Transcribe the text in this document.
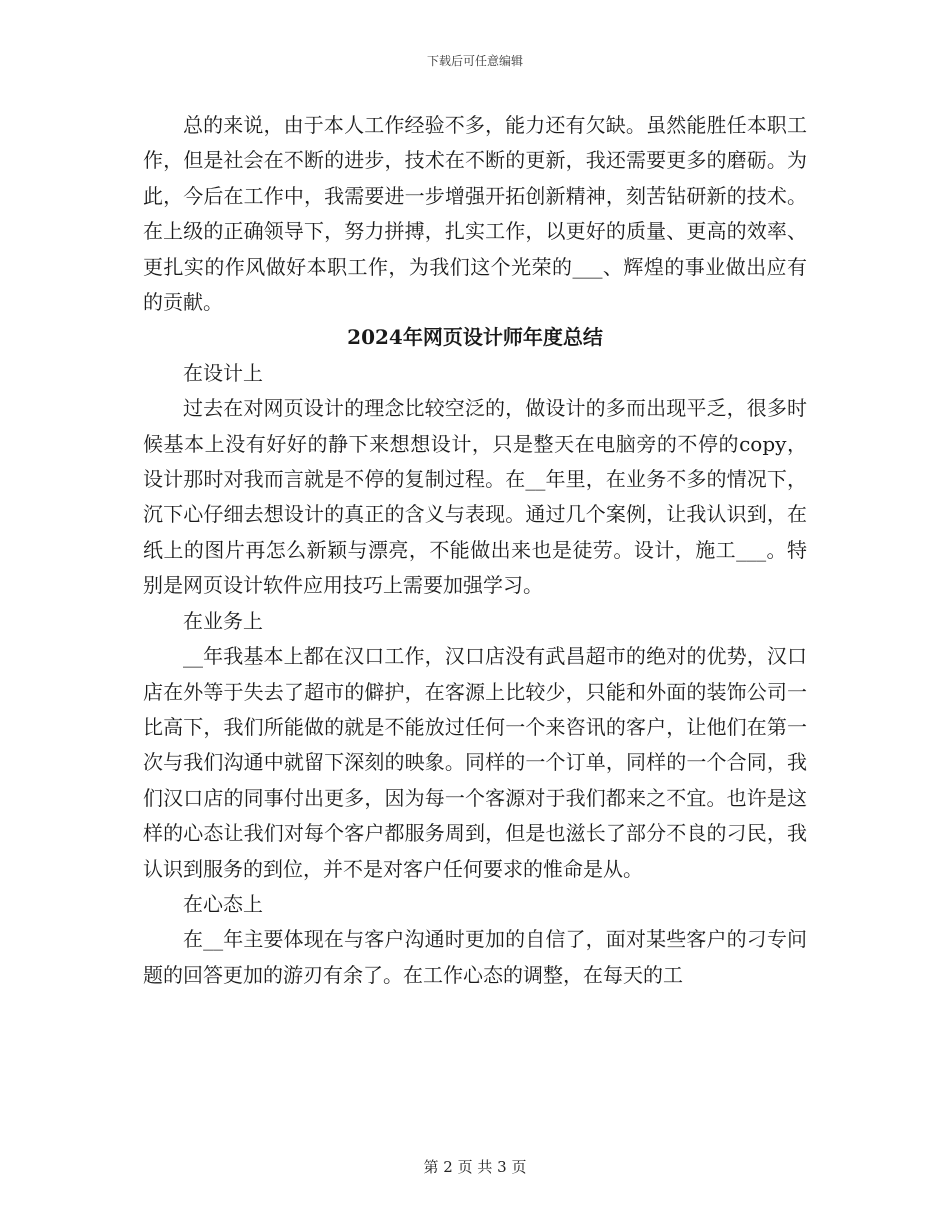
下载后可任意编辑

总的来说，由于本人工作经验不多，能力还有欠缺。虽然能胜任本职工作，但是社会在不断的进步，技术在不断的更新，我还需要更多的磨砺。为此，今后在工作中，我需要进一步增强开拓创新精神，刻苦钻研新的技术。在上级的正确领导下，努力拼搏，扎实工作，以更好的质量、更高的效率、更扎实的作风做好本职工作，为我们这个光荣的___、辉煌的事业做出应有的贡献。

2024年网页设计师年度总结

在设计上

过去在对网页设计的理念比较空泛的，做设计的多而出现平乏，很多时候基本上没有好好的静下来想想设计，只是整天在电脑旁的不停的copy，设计那时对我而言就是不停的复制过程。在__年里，在业务不多的情况下，沉下心仔细去想设计的真正的含义与表现。通过几个案例，让我认识到，在纸上的图片再怎么新颖与漂亮，不能做出来也是徒劳。设计，施工___。特别是网页设计软件应用技巧上需要加强学习。

在业务上

__年我基本上都在汉口工作，汉口店没有武昌超市的绝对的优势，汉口店在外等于失去了超市的僻护，在客源上比较少，只能和外面的装饰公司一比高下，我们所能做的就是不能放过任何一个来咨讯的客户，让他们在第一次与我们沟通中就留下深刻的映象。同样的一个订单，同样的一个合同，我们汉口店的同事付出更多，因为每一个客源对于我们都来之不宜。也许是这样的心态让我们对每个客户都服务周到，但是也滋长了部分不良的刁民，我认识到服务的到位，并不是对客户任何要求的惟命是从。

在心态上

在__年主要体现在与客户沟通时更加的自信了，面对某些客户的刁专问题的回答更加的游刃有余了。在工作心态的调整，在每天的工

第 2 页 共 3 页
